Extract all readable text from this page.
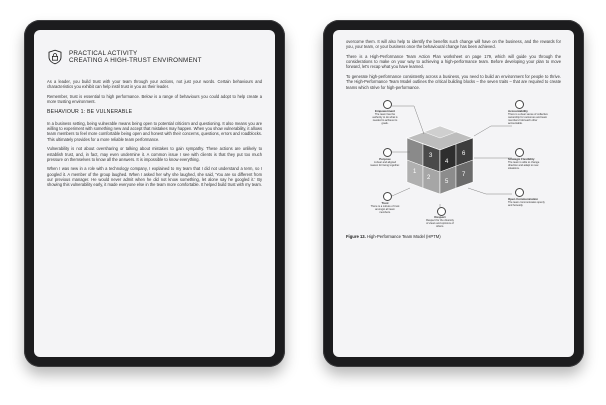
PRACTICAL ACTIVITY
CREATING A HIGH-TRUST ENVIRONMENT

As a leader, you build trust with your team through your actions, not just your words. Certain behaviours and characteristics you exhibit can help instil trust in you as their leader.

Remember, trust is essential to high performance. Below is a range of behaviours you could adopt to help create a more trusting environment.

BEHAVIOUR 1: BE VULNERABLE

In a business setting, being vulnerable means being open to potential criticism and questioning. It also means you are willing to experiment with something new and accept that mistakes may happen. When you show vulnerability, it allows team members to feel more comfortable being open and honest with their concerns, questions, errors and roadblocks. This ultimately provides for a more reliable team performance.

Vulnerability is not about oversharing or talking about mistakes to gain sympathy. These actions are unlikely to establish trust, and, in fact, may even undermine it. A common issue I see with clients is that they put too much pressure on themselves to know all the answers. It is impossible to know everything.

When I was new in a role with a technology company, I explained to my team that I did not understand a term, so I googled it. A member of the group laughed. When I asked her why she laughed, she said, 'You are so different from our previous manager. He would never admit when he did not know something, let alone say he googled it.' By showing this vulnerability early, it made everyone else in the team more comfortable. It helped build trust with my team.

overcome them. It will also help to identify the benefits such change will have on the business, and the rewards for you, your team, or your business once the behavioural change has been achieved.

There is a High-Performance Team Action Plan worksheet on page 179, which will guide you through the considerations to make on your way to achieving a high-performance team. Before developing your plan to move forward, let's recap what you have learned.

To generate high-performance consistently across a business, you need to build an environment for people to thrive. The High-Performance Team Model outlines the critical building blocks – the seven traits – that are required to create teams which strive for high-performance.

1
2
3
4
5
6
7
Empowerment
The team has the authority to do what is needed to achieve its goals.
Purpose
A clear and aligned reason for being together.
Trust
There is a culture of trust amongst all team members.
Respect
Respect for the diversity of views and opinions of others.
Accountability
There is a clear sense of collective ownership for outcomes and team members hold each other accountable.
Strategic Flexibility
The team is able to change direction and adapt to new situations.
Open Communication
The team communicates openly and honestly.
Figure 13. High-Performance Team Model (HPTM)
